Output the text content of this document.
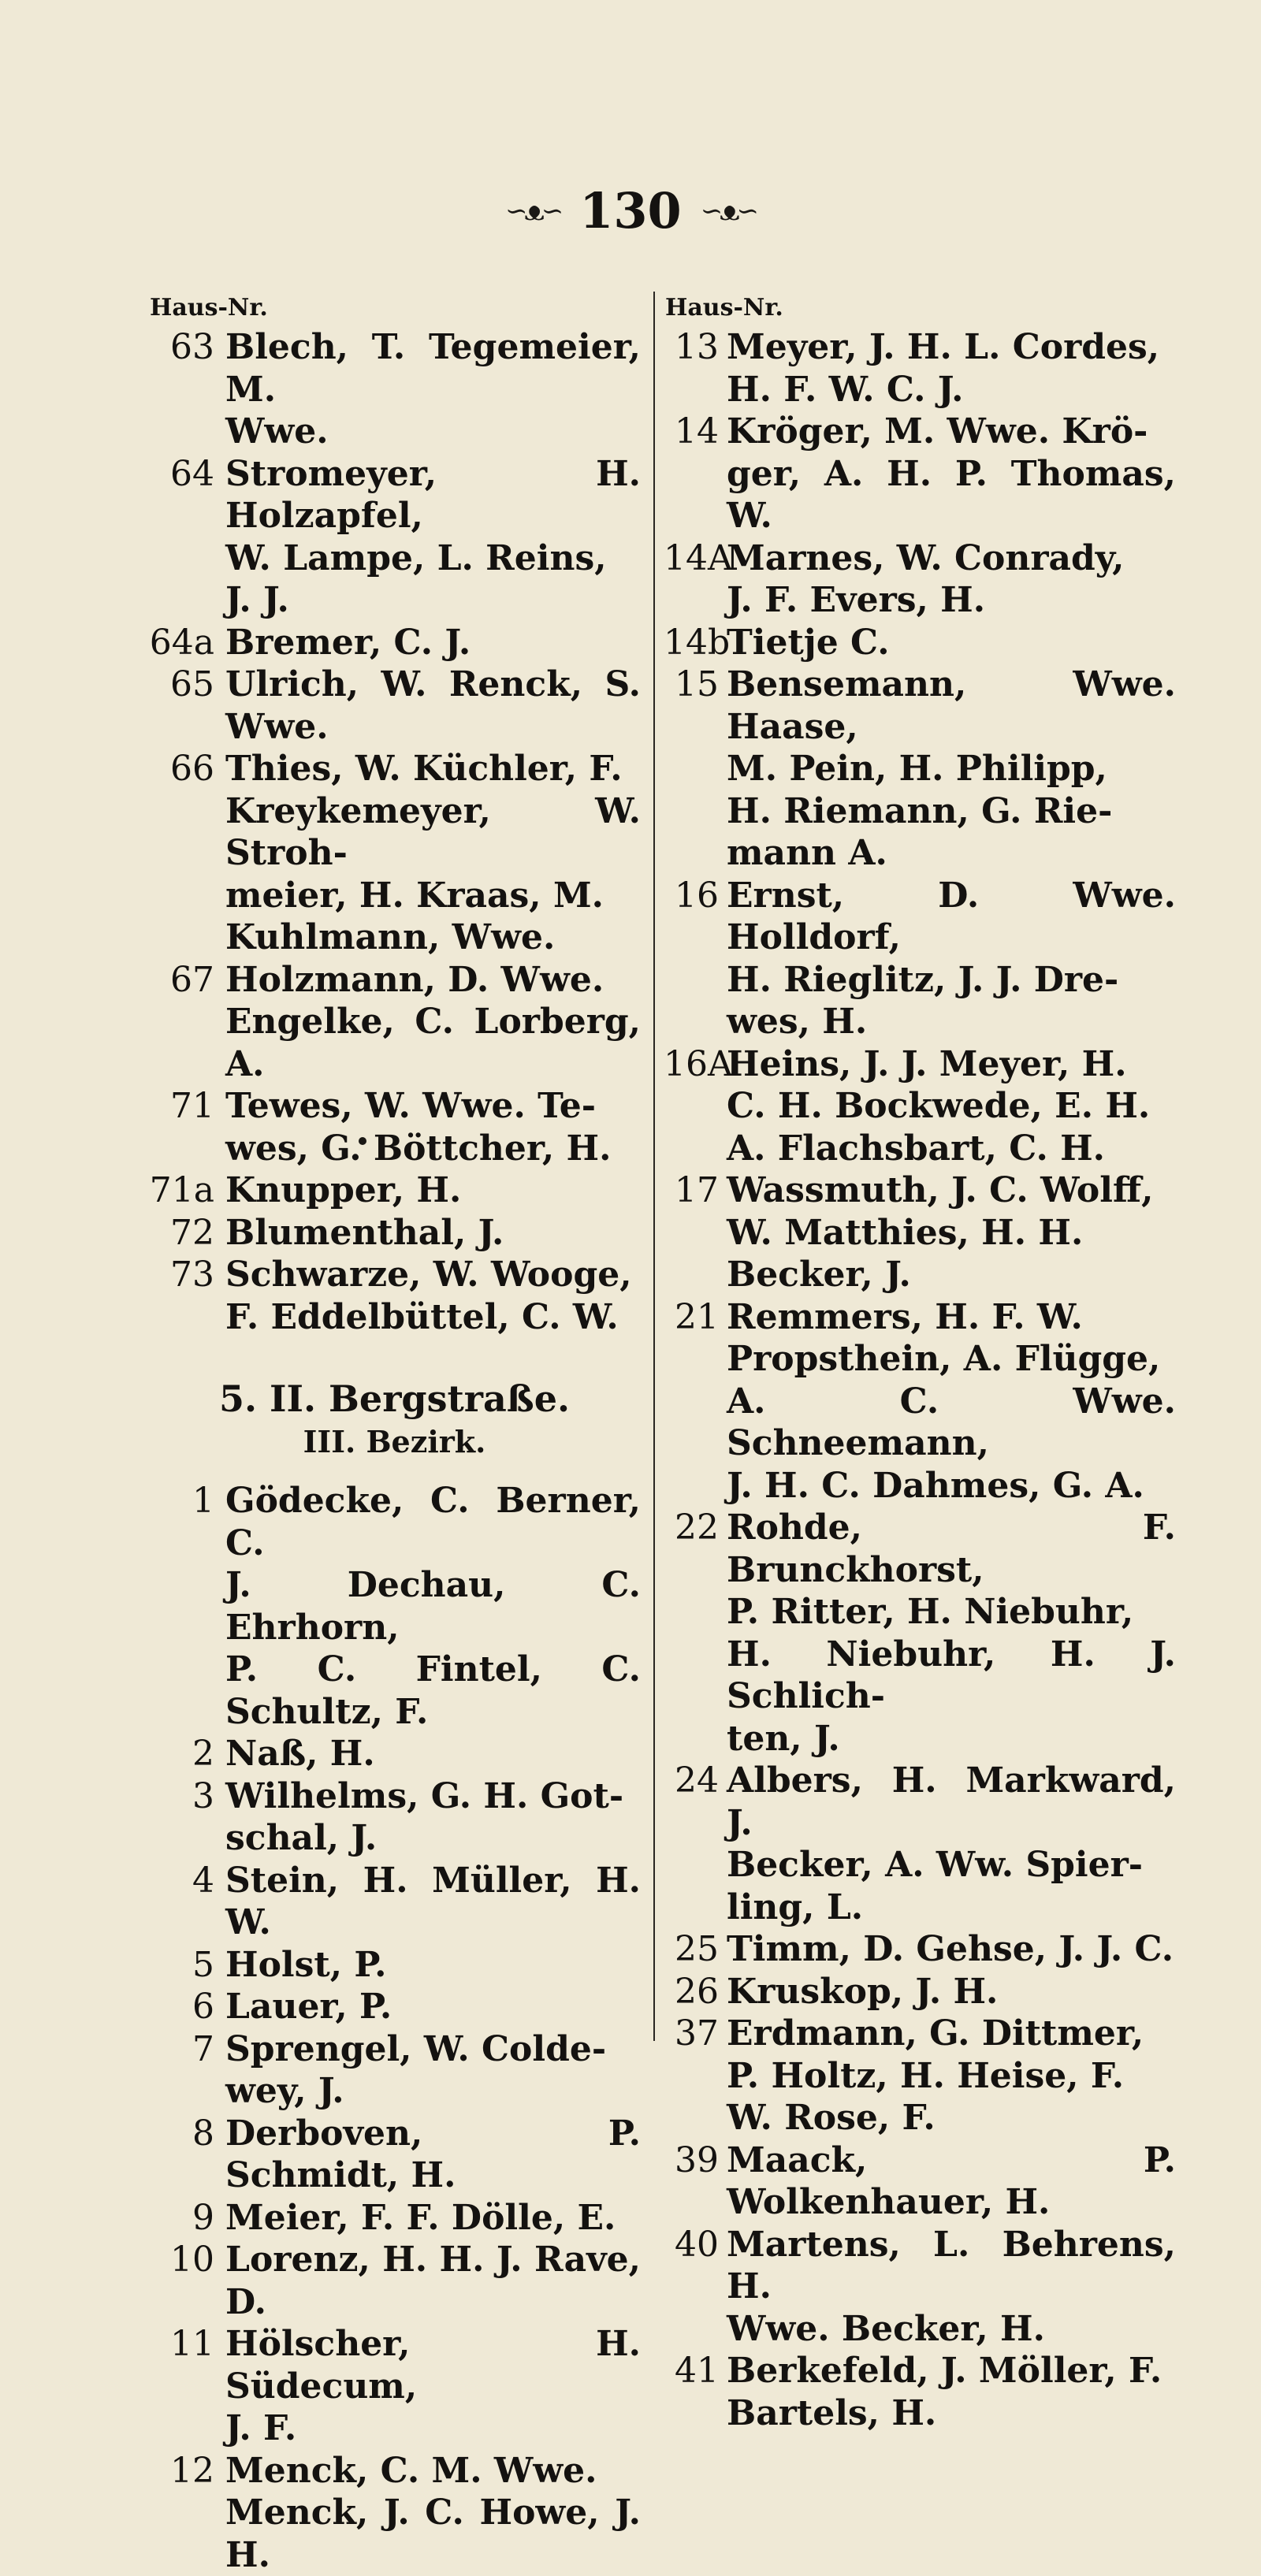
∽ᴥ∽ 130 ∽ᴥ∽
Haus-Nr.
63 Blech, T. Tegemeier, M.
Wwe.
64 Stromeyer, H. Holzapfel,
W. Lampe, L. Reins,
J. J.
64a Bremer, C. J.
65 Ulrich, W. Renck, S. Wwe.
66 Thies, W. Küchler, F.
Kreykemeyer, W. Stroh-
meier, H. Kraas, M.
Kuhlmann, Wwe.
67 Holzmann, D. Wwe.
Engelke, C. Lorberg, A.
71 Tewes, W. Wwe. Te-
wes, G. Böttcher, H.
71a Knupper, H.
72 Blumenthal, J.
73 Schwarze, W. Wooge,
F. Eddelbüttel, C. W.
5. II. Bergstraße.
III. Bezirk.
1 Gödecke, C. Berner, C.
J. Dechau, C. Ehrhorn,
P. C. Fintel, C. Schultz, F.
2 Naß, H.
3 Wilhelms, G. H. Got-
schal, J.
4 Stein, H. Müller, H. W.
5 Holst, P.
6 Lauer, P.
7 Sprengel, W. Coldе-
wey, J.
8 Derboven, P. Schmidt, H.
9 Meier, F. F. Dölle, E.
10 Lorenz, H. H. J. Rave, D.
11 Hölscher, H. Südecum,
J. F.
12 Menck, C. M. Wwe.
Menck, J. C. Howe, J. H.
Haus-Nr.
13 Meyer, J. H. L. Cordes,
H. F. W. C. J.
14 Kröger, M. Wwe. Krö-
ger, A. H. P. Thomas, W.
14A
Marnes, W. Conrady,
J. F. Evers, H.
14b
Tietje C.
15 Bensemann, Wwe. Haase,
M. Pein, H. Philipp,
H. Riemann, G. Rie-
mann A.
16 Ernst, D. Wwe. Holldorf,
H. Rieglitz, J. J. Dre-
wes, H.
16A
Heins, J. J. Meyer, H.
C. H. Bockwede, E. H.
A. Flachsbart, C. H.
17 Wassmuth, J. C. Wolff,
W. Matthies, H. H.
Becker, J.
21 Remmers, H. F. W.
Propsthein, A. Flügge,
A. C. Wwe. Schneemann,
J. H. C. Dahmes, G. A.
22 Rohde, F. Brunckhorst,
P. Ritter, H. Niebuhr,
H. Niebuhr, H. J. Schlich-
ten, J.
24 Albers, H. Markward, J.
Becker, A. Ww. Spier-
ling, L.
25 Timm, D. Gehse, J. J. C.
26 Kruskop, J. H.
37 Erdmann, G. Dittmer,
P. Holtz, H. Heise, F.
W. Rose, F.
39 Maack, P. Wolkenhauer, H.
40 Martens, L. Behrens, H.
Wwe. Becker, H.
41 Berkefeld, J. Möller, F.
Bartels, H.
